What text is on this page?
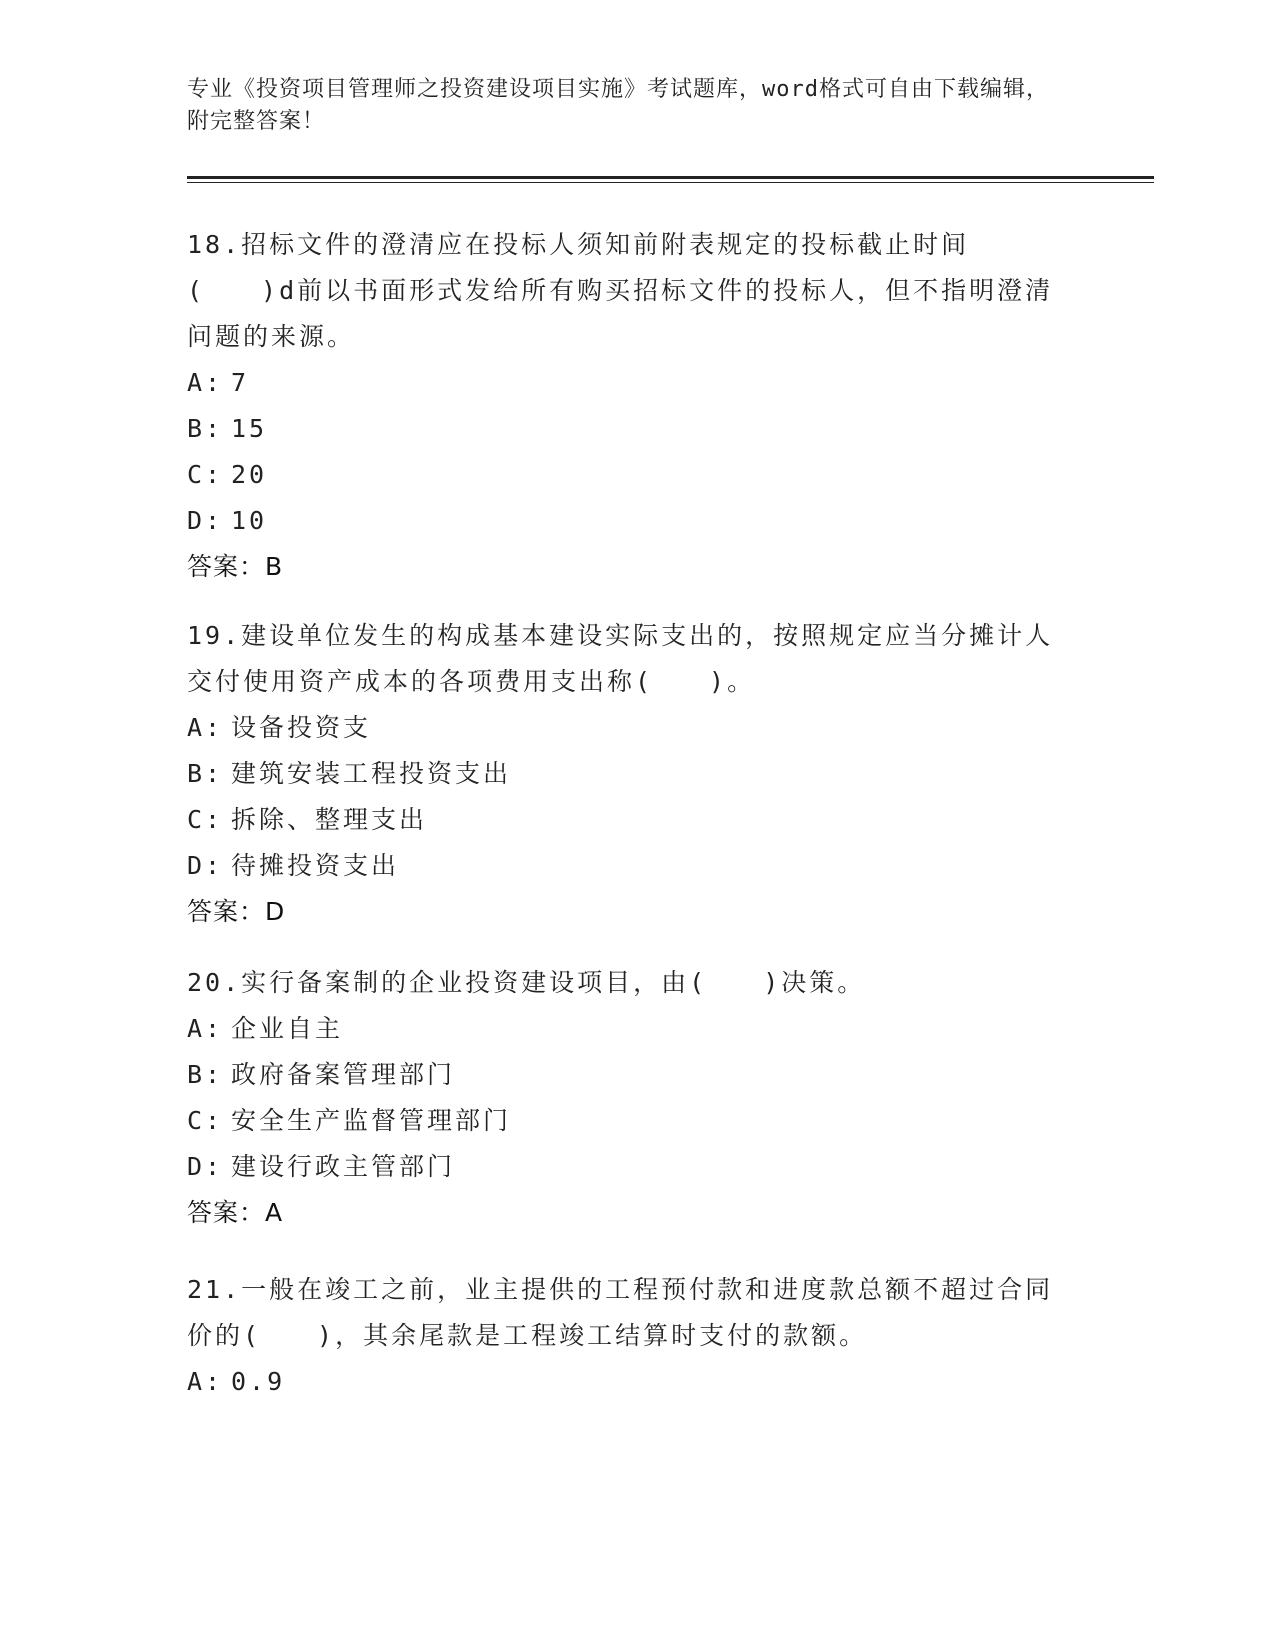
专业《投资项目管理师之投资建设项目实施》考试题库，word格式可自由下载编辑，附完整答案！

18.招标文件的澄清应在投标人须知前附表规定的投标截止时间(　　)d前以书面形式发给所有购买招标文件的投标人，但不指明澄清问题的来源。

A: 7

B: 15

C: 20

D: 10

答案：B

19.建设单位发生的构成基本建设实际支出的，按照规定应当分摊计人交付使用资产成本的各项费用支出称(　　)。

A: 设备投资支

B: 建筑安装工程投资支出

C: 拆除、整理支出

D: 待摊投资支出

答案：D

20.实行备案制的企业投资建设项目，由(　　)决策。

A: 企业自主

B: 政府备案管理部门

C: 安全生产监督管理部门

D: 建设行政主管部门

答案：A

21.一般在竣工之前，业主提供的工程预付款和进度款总额不超过合同价的(　　)，其余尾款是工程竣工结算时支付的款额。

A: 0.9
